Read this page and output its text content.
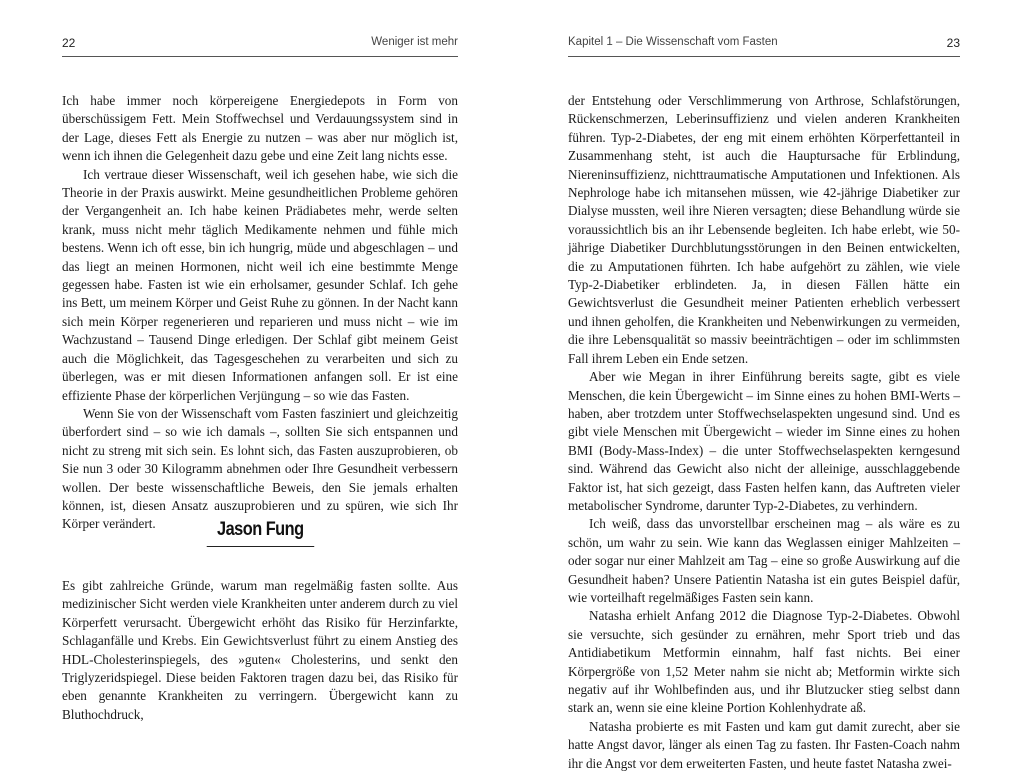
22	Weniger ist mehr

Ich habe immer noch körpereigene Energiedepots in Form von überschüssigem Fett. Mein Stoffwechsel und Verdauungssystem sind in der Lage, dieses Fett als Energie zu nutzen – was aber nur möglich ist, wenn ich ihnen die Gelegenheit dazu gebe und eine Zeit lang nichts esse.

Ich vertraue dieser Wissenschaft, weil ich gesehen habe, wie sich die Theorie in der Praxis auswirkt. Meine gesundheitlichen Probleme gehören der Vergangenheit an. Ich habe keinen Prädiabetes mehr, werde selten krank, muss nicht mehr täglich Medikamente nehmen und fühle mich bestens. Wenn ich oft esse, bin ich hungrig, müde und abgeschlagen – und das liegt an meinen Hormonen, nicht weil ich eine bestimmte Menge gegessen habe. Fasten ist wie ein erholsamer, gesunder Schlaf. Ich gehe ins Bett, um meinem Körper und Geist Ruhe zu gönnen. In der Nacht kann sich mein Körper regenerieren und reparieren und muss nicht – wie im Wachzustand – Tausend Dinge erledigen. Der Schlaf gibt meinem Geist auch die Möglichkeit, das Tagesgeschehen zu verarbeiten und sich zu überlegen, was er mit diesen Informationen anfangen soll. Er ist eine effiziente Phase der körperlichen Verjüngung – so wie das Fasten.

Wenn Sie von der Wissenschaft vom Fasten fasziniert und gleichzeitig überfordert sind – so wie ich damals –, sollten Sie sich entspannen und nicht zu streng mit sich sein. Es lohnt sich, das Fasten auszuprobieren, ob Sie nun 3 oder 30 Kilogramm abnehmen oder Ihre Gesundheit verbessern wollen. Der beste wissenschaftliche Beweis, den Sie jemals erhalten können, ist, diesen Ansatz auszuprobieren und zu spüren, wie sich Ihr Körper verändert.	Jason Fung

Es gibt zahlreiche Gründe, warum man regelmäßig fasten sollte. Aus medizinischer Sicht werden viele Krankheiten unter anderem durch zu viel Körperfett verursacht. Übergewicht erhöht das Risiko für Herzinfarkte, Schlaganfälle und Krebs. Ein Gewichtsverlust führt zu einem Anstieg des HDL-Cholesterinspiegels, des »guten« Cholesterins, und senkt den Triglyzeridspiegel. Diese beiden Faktoren tragen dazu bei, das Risiko für eben genannte Krankheiten zu verringern. Übergewicht kann zu Bluthochdruck,

Kapitel 1 – Die Wissenschaft vom Fasten	23

der Entstehung oder Verschlimmerung von Arthrose, Schlafstörungen, Rückenschmerzen, Leberinsuffizienz und vielen anderen Krankheiten führen. Typ-2-Diabetes, der eng mit einem erhöhten Körperfettanteil in Zusammenhang steht, ist auch die Hauptursache für Erblindung, Niereninsuffizienz, nichttraumatische Amputationen und Infektionen. Als Nephrologe habe ich mitansehen müssen, wie 42-jährige Diabetiker zur Dialyse mussten, weil ihre Nieren versagten; diese Behandlung würde sie voraussichtlich bis an ihr Lebensende begleiten. Ich habe erlebt, wie 50-jährige Diabetiker Durchblutungsstörungen in den Beinen entwickelten, die zu Amputationen führten. Ich habe aufgehört zu zählen, wie viele Typ-2-Diabetiker erblindeten. Ja, in diesen Fällen hätte ein Gewichtsverlust die Gesundheit meiner Patienten erheblich verbessert und ihnen geholfen, die Krankheiten und Nebenwirkungen zu vermeiden, die ihre Lebensqualität so massiv beeinträchtigen – oder im schlimmsten Fall ihrem Leben ein Ende setzen.

Aber wie Megan in ihrer Einführung bereits sagte, gibt es viele Menschen, die kein Übergewicht – im Sinne eines zu hohen BMI-Werts – haben, aber trotzdem unter Stoffwechselaspekten ungesund sind. Und es gibt viele Menschen mit Übergewicht – wieder im Sinne eines zu hohen BMI (Body-Mass-Index) – die unter Stoffwechselaspekten kerngesund sind. Während das Gewicht also nicht der alleinige, ausschlaggebende Faktor ist, hat sich gezeigt, dass Fasten helfen kann, das Auftreten vieler metabolischer Syndrome, darunter Typ-2-Diabetes, zu verhindern.

Ich weiß, dass das unvorstellbar erscheinen mag – als wäre es zu schön, um wahr zu sein. Wie kann das Weglassen einiger Mahlzeiten – oder sogar nur einer Mahlzeit am Tag – eine so große Auswirkung auf die Gesundheit haben? Unsere Patientin Natasha ist ein gutes Beispiel dafür, wie vorteilhaft regelmäßiges Fasten sein kann.

Natasha erhielt Anfang 2012 die Diagnose Typ-2-Diabetes. Obwohl sie versuchte, sich gesünder zu ernähren, mehr Sport trieb und das Antidiabetikum Metformin einnahm, half fast nichts. Bei einer Körpergröße von 1,52 Meter nahm sie nicht ab; Metformin wirkte sich negativ auf ihr Wohlbefinden aus, und ihr Blutzucker stieg selbst dann stark an, wenn sie eine kleine Portion Kohlenhydrate aß.

Natasha probierte es mit Fasten und kam gut damit zurecht, aber sie hatte Angst davor, länger als einen Tag zu fasten. Ihr Fasten-Coach nahm ihr die Angst vor dem erweiterten Fasten, und heute fastet Natasha zwei-
